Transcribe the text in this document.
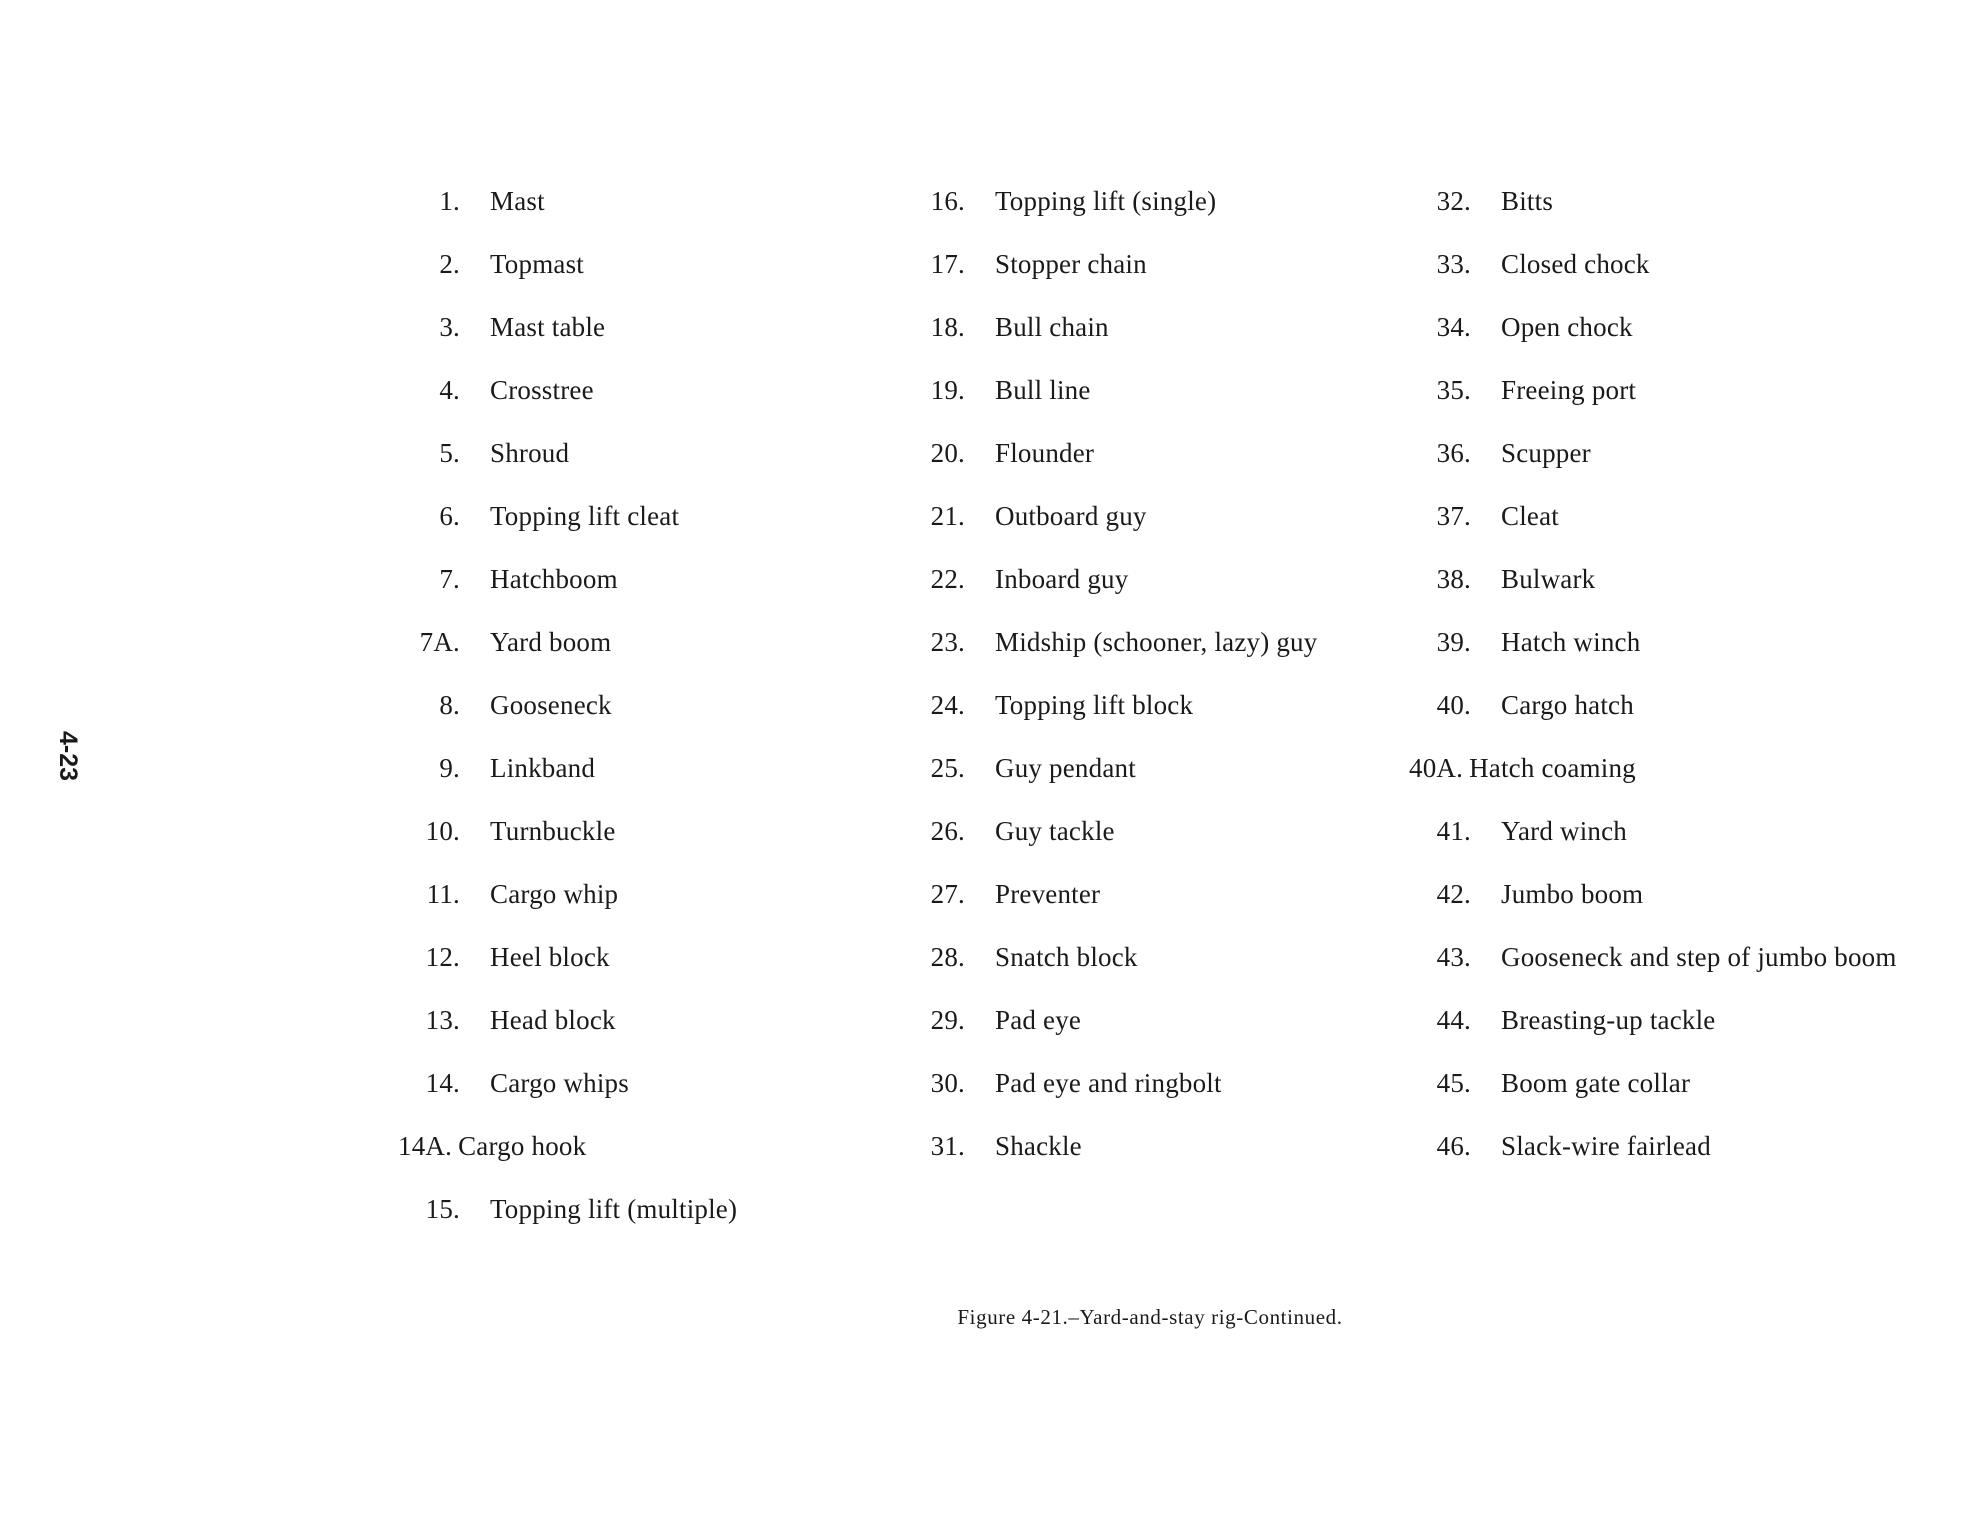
4-23
1. Mast
2. Topmast
3. Mast table
4. Crosstree
5. Shroud
6. Topping lift cleat
7. Hatchboom
7A. Yard boom
8. Gooseneck
9. Linkband
10. Turnbuckle
11. Cargo whip
12. Heel block
13. Head block
14. Cargo whips
14A. Cargo hook
15. Topping lift (multiple)
16. Topping lift (single)
17. Stopper chain
18. Bull chain
19. Bull line
20. Flounder
21. Outboard guy
22. Inboard guy
23. Midship (schooner, lazy) guy
24. Topping lift block
25. Guy pendant
26. Guy tackle
27. Preventer
28. Snatch block
29. Pad eye
30. Pad eye and ringbolt
31. Shackle
32. Bitts
33. Closed chock
34. Open chock
35. Freeing port
36. Scupper
37. Cleat
38. Bulwark
39. Hatch winch
40. Cargo hatch
40A. Hatch coaming
41. Yard winch
42. Jumbo boom
43. Gooseneck and step of jumbo boom
44. Breasting-up tackle
45. Boom gate collar
46. Slack-wire fairlead
Figure 4-21.–Yard-and-stay rig-Continued.
